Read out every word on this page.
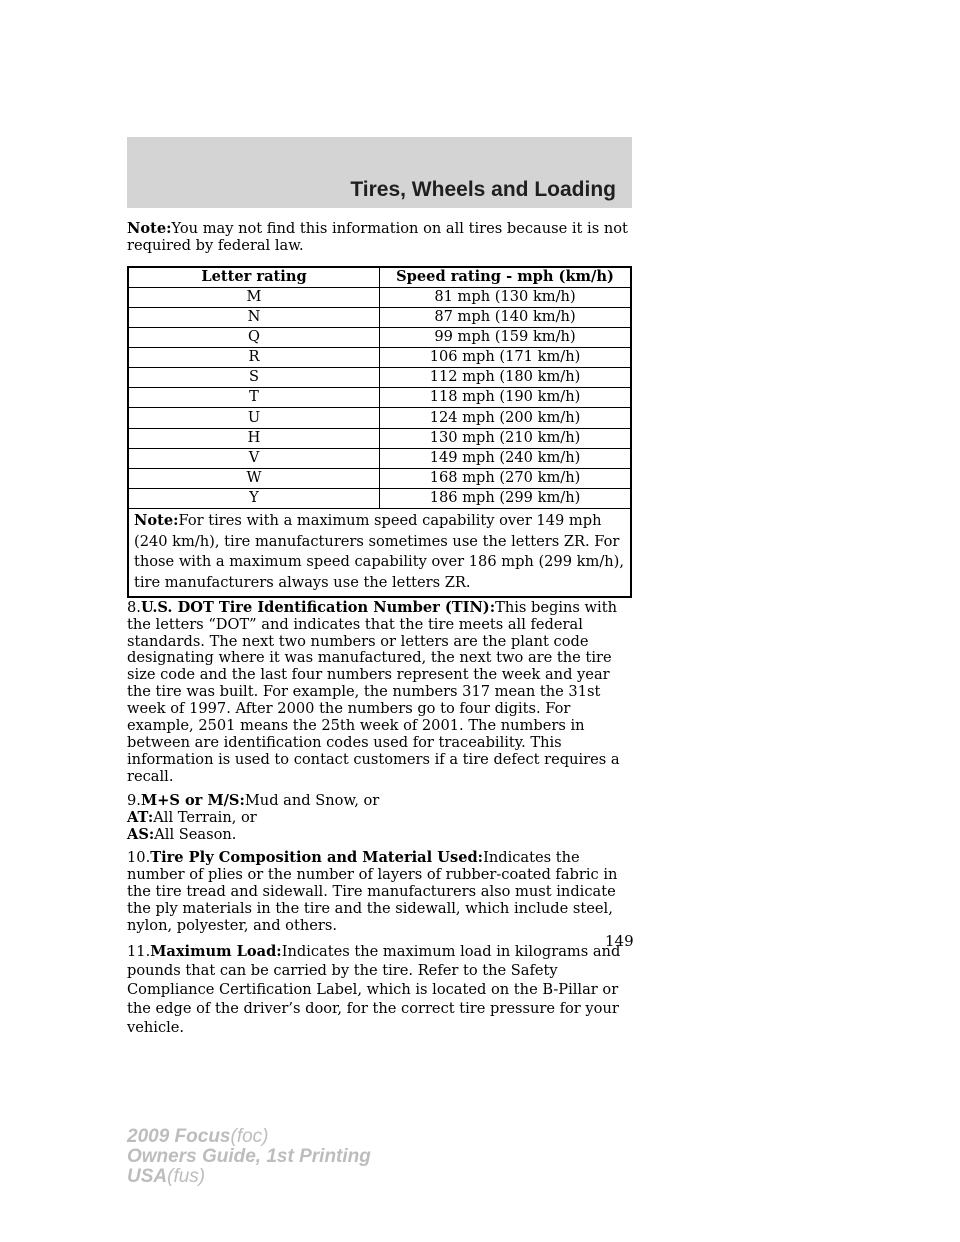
Tires, Wheels and Loading

Note:You may not find this information on all tires because it is not required by federal law.

Letter rating	Speed rating - mph (km/h)
M	81 mph (130 km/h)
N	87 mph (140 km/h)
Q	99 mph (159 km/h)
R	106 mph (171 km/h)
S	112 mph (180 km/h)
T	118 mph (190 km/h)
U	124 mph (200 km/h)
H	130 mph (210 km/h)
V	149 mph (240 km/h)
W	168 mph (270 km/h)
Y	186 mph (299 km/h)
Note:For tires with a maximum speed capability over 149 mph (240 km/h), tire manufacturers sometimes use the letters ZR. For those with a maximum speed capability over 186 mph (299 km/h), tire manufacturers always use the letters ZR.	

8.U.S. DOT Tire Identification Number (TIN):This begins with the letters “DOT” and indicates that the tire meets all federal standards. The next two numbers or letters are the plant code designating where it was manufactured, the next two are the tire size code and the last four numbers represent the week and year the tire was built. For example, the numbers 317 mean the 31st week of 1997. After 2000 the numbers go to four digits. For example, 2501 means the 25th week of 2001. The numbers in between are identification codes used for traceability. This information is used to contact customers if a tire defect requires a recall.

9.M+S or M/S:Mud and Snow, or
AT:All Terrain, or
AS:All Season.

10.Tire Ply Composition and Material Used:Indicates the number of plies or the number of layers of rubber-coated fabric in the tire tread and sidewall. Tire manufacturers also must indicate the ply materials in the tire and the sidewall, which include steel, nylon, polyester, and others.

11.Maximum Load:Indicates the maximum load in kilograms and pounds that can be carried by the tire. Refer to the Safety Compliance Certification Label, which is located on the B-Pillar or the edge of the driver’s door, for the correct tire pressure for your vehicle.

149
2009 Focus(foc)
Owners Guide, 1st Printing
USA(fus)
